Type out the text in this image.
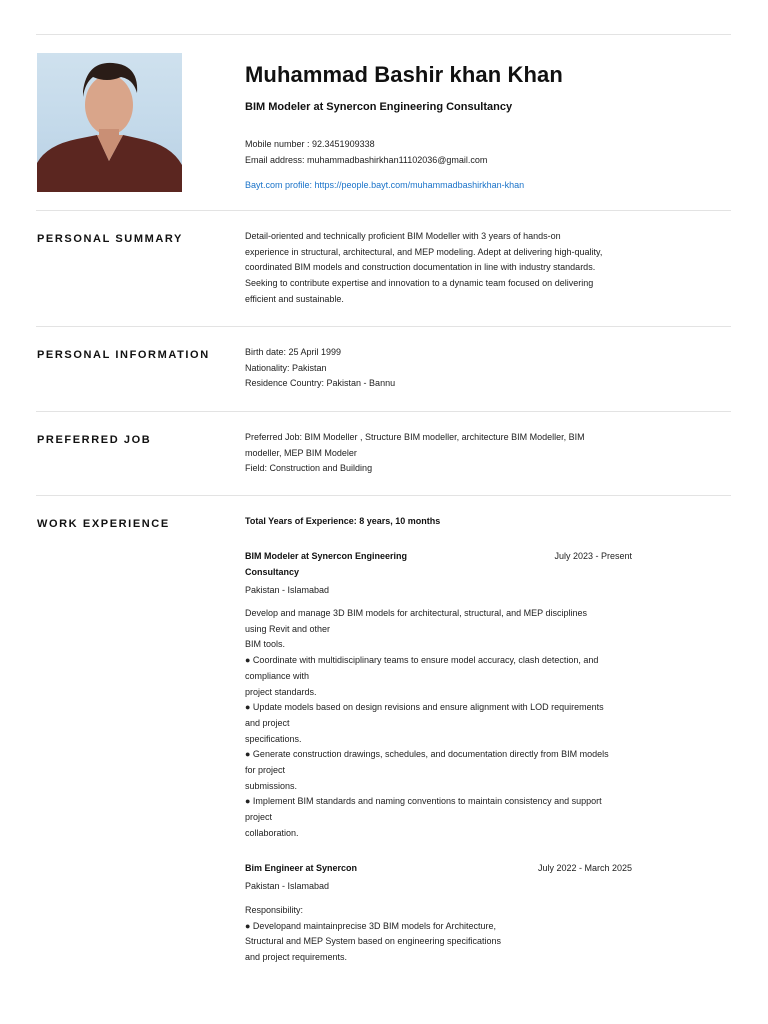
Muhammad Bashir khan Khan
BIM Modeler at Synercon Engineering Consultancy
Mobile number : 92.3451909338
Email address: muhammadbashirkhan11102036@gmail.com
Bayt.com profile: https://people.bayt.com/muhammadbashirkhan-khan
PERSONAL SUMMARY	Detail-oriented and technically proficient BIM Modeller with 3 years of hands-on

experience in structural, architectural, and MEP modeling. Adept at delivering high-quality,

coordinated BIM models and construction documentation in line with industry standards.

Seeking to contribute expertise and innovation to a dynamic team focused on delivering

efficient and sustainable.

PERSONAL INFORMATION	Birth date: 25 April 1999

Nationality: Pakistan

Residence Country: Pakistan - Bannu

PREFERRED JOB	Preferred Job: BIM Modeller , Structure BIM modeller, architecture BIM Modeller, BIM

modeller, MEP BIM Modeler

Field: Construction and Building

WORK EXPERIENCE	Total Years of Experience: 8 years, 10 months
BIM Modeler at Synercon Engineering
Consultancy
July 2023 - Present
Pakistan - Islamabad

Develop and manage 3D BIM models for architectural, structural, and MEP disciplines

using Revit and other

BIM tools.

● Coordinate with multidisciplinary teams to ensure model accuracy, clash detection, and

compliance with

project standards.

● Update models based on design revisions and ensure alignment with LOD requirements

and project

specifications.

● Generate construction drawings, schedules, and documentation directly from BIM models

for project

submissions.

● Implement BIM standards and naming conventions to maintain consistency and support

project

collaboration.

Bim Engineer at Synercon	July 2022 - March 2025
Pakistan - Islamabad

Responsibility:

● Developand maintainprecise 3D BIM models for Architecture,

Structural and MEP System based on engineering specifications

and project requirements.
